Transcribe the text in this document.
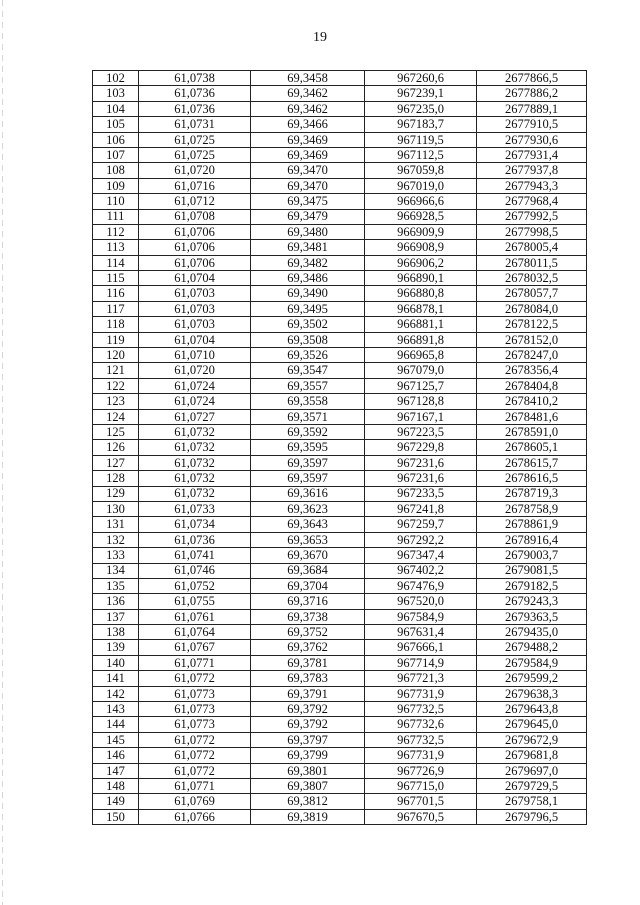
19
102	61,0738	69,3458	967260,6	2677866,5
103	61,0736	69,3462	967239,1	2677886,2
104	61,0736	69,3462	967235,0	2677889,1
105	61,0731	69,3466	967183,7	2677910,5
106	61,0725	69,3469	967119,5	2677930,6
107	61,0725	69,3469	967112,5	2677931,4
108	61,0720	69,3470	967059,8	2677937,8
109	61,0716	69,3470	967019,0	2677943,3
110	61,0712	69,3475	966966,6	2677968,4
111	61,0708	69,3479	966928,5	2677992,5
112	61,0706	69,3480	966909,9	2677998,5
113	61,0706	69,3481	966908,9	2678005,4
114	61,0706	69,3482	966906,2	2678011,5
115	61,0704	69,3486	966890,1	2678032,5
116	61,0703	69,3490	966880,8	2678057,7
117	61,0703	69,3495	966878,1	2678084,0
118	61,0703	69,3502	966881,1	2678122,5
119	61,0704	69,3508	966891,8	2678152,0
120	61,0710	69,3526	966965,8	2678247,0
121	61,0720	69,3547	967079,0	2678356,4
122	61,0724	69,3557	967125,7	2678404,8
123	61,0724	69,3558	967128,8	2678410,2
124	61,0727	69,3571	967167,1	2678481,6
125	61,0732	69,3592	967223,5	2678591,0
126	61,0732	69,3595	967229,8	2678605,1
127	61,0732	69,3597	967231,6	2678615,7
128	61,0732	69,3597	967231,6	2678616,5
129	61,0732	69,3616	967233,5	2678719,3
130	61,0733	69,3623	967241,8	2678758,9
131	61,0734	69,3643	967259,7	2678861,9
132	61,0736	69,3653	967292,2	2678916,4
133	61,0741	69,3670	967347,4	2679003,7
134	61,0746	69,3684	967402,2	2679081,5
135	61,0752	69,3704	967476,9	2679182,5
136	61,0755	69,3716	967520,0	2679243,3
137	61,0761	69,3738	967584,9	2679363,5
138	61,0764	69,3752	967631,4	2679435,0
139	61,0767	69,3762	967666,1	2679488,2
140	61,0771	69,3781	967714,9	2679584,9
141	61,0772	69,3783	967721,3	2679599,2
142	61,0773	69,3791	967731,9	2679638,3
143	61,0773	69,3792	967732,5	2679643,8
144	61,0773	69,3792	967732,6	2679645,0
145	61,0772	69,3797	967732,5	2679672,9
146	61,0772	69,3799	967731,9	2679681,8
147	61,0772	69,3801	967726,9	2679697,0
148	61,0771	69,3807	967715,0	2679729,5
149	61,0769	69,3812	967701,5	2679758,1
150	61,0766	69,3819	967670,5	2679796,5
